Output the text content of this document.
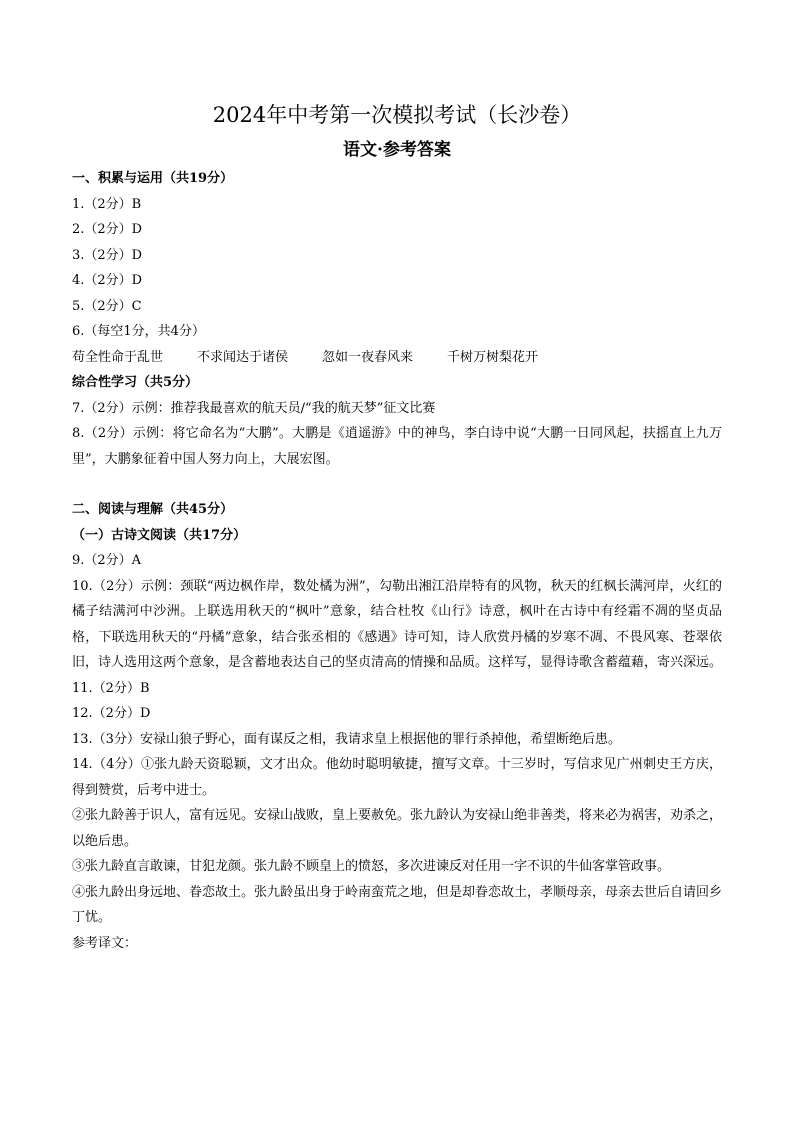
2024年中考第一次模拟考试（长沙卷）
语文·参考答案

一、积累与运用（共19分）

1.（2分）B

2.（2分）D

3.（2分）D

4.（2分）D

5.（2分）C

6.（每空1分，共4分）

苟全性命于乱世	不求闻达于诸侯	忽如一夜春风来	千树万树梨花开

综合性学习（共5分）

7.（2分）示例：推荐我最喜欢的航天员/“我的航天梦”征文比赛

8.（2分）示例：将它命名为“大鹏”。大鹏是《逍遥游》中的神鸟，李白诗中说“大鹏一日同风起，扶摇直上九万里”，大鹏象征着中国人努力向上，大展宏图。

二、阅读与理解（共45分）

（一）古诗文阅读（共17分）

9.（2分）A

10.（2分）示例：颈联“两边枫作岸，数处橘为洲”，勾勒出湘江沿岸特有的风物，秋天的红枫长满河岸，火红的橘子结满河中沙洲。上联选用秋天的“枫叶”意象，结合杜牧《山行》诗意，枫叶在古诗中有经霜不凋的坚贞品格，下联选用秋天的“丹橘”意象，结合张丞相的《感遇》诗可知，诗人欣赏丹橘的岁寒不凋、不畏风寒、苍翠依旧，诗人选用这两个意象，是含蓄地表达自己的坚贞清高的情操和品质。这样写，显得诗歌含蓄蕴藉，寄兴深远。

11.（2分）B

12.（2分）D

13.（3分）安禄山狼子野心，面有谋反之相，我请求皇上根据他的罪行杀掉他，希望断绝后患。

14.（4分）①张九龄天资聪颖，文才出众。他幼时聪明敏捷，擅写文章。十三岁时，写信求见广州刺史王方庆，得到赞赏，后考中进士。

②张九龄善于识人，富有远见。安禄山战败，皇上要赦免。张九龄认为安禄山绝非善类，将来必为祸害，劝杀之，以绝后患。

③张九龄直言敢谏，甘犯龙颜。张九龄不顾皇上的愤怒，多次进谏反对任用一字不识的牛仙客掌管政事。

④张九龄出身远地、眷恋故土。张九龄虽出身于岭南蛮荒之地，但是却眷恋故土，孝顺母亲，母亲去世后自请回乡丁忧。

参考译文：
